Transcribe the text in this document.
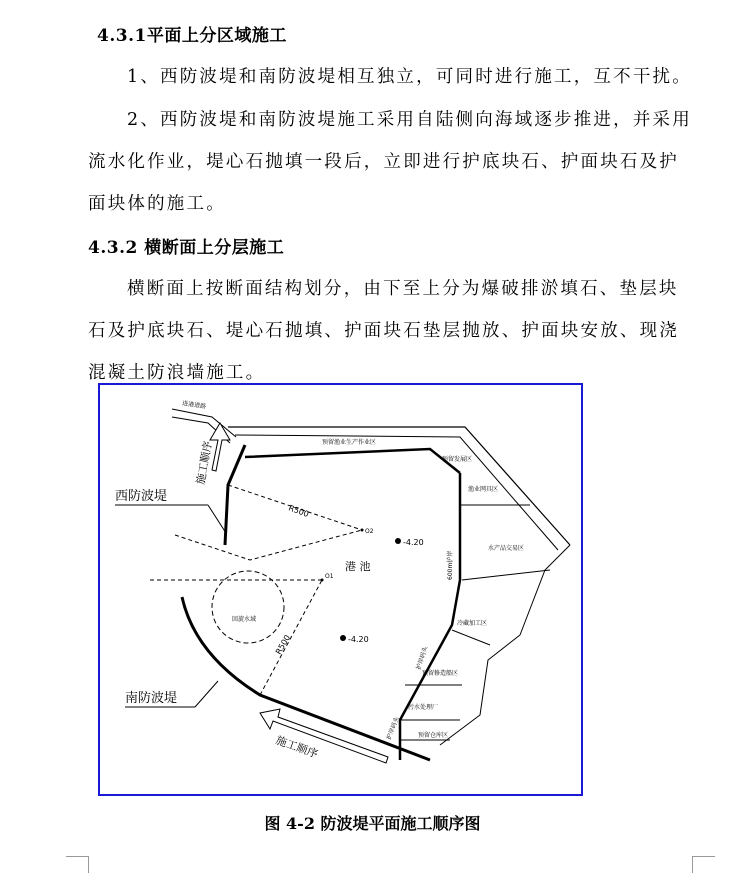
4.3.1平面上分区域施工
1、西防波堤和南防波堤相互独立，可同时进行施工，互不干扰。
2、西防波堤和南防波堤施工采用自陆侧向海域逐步推进，并采用
流水化作业，堤心石抛填一段后，立即进行护底块石、护面块石及护
面块体的施工。
4.3.2 横断面上分层施工
横断面上按断面结构划分，由下至上分为爆破排淤填石、垫层块
石及护底块石、堤心石抛填、护面块石垫层抛放、护面块安放、现浇
混凝土防浪墙施工。
西防波堤
南防波堤
施工顺序
施工顺序
港 池
-4.20
-4.20
R500
R500
O1
O2
回旋水域
进港道路
预留渔业生产作业区
预留发展区
渔业网具区
水产品交易区
冷藏加工区
预留修造船区
污水处理厂
预留仓库区
600m护岸
护岸码头
护岸码头
图 4-2 防波堤平面施工顺序图
